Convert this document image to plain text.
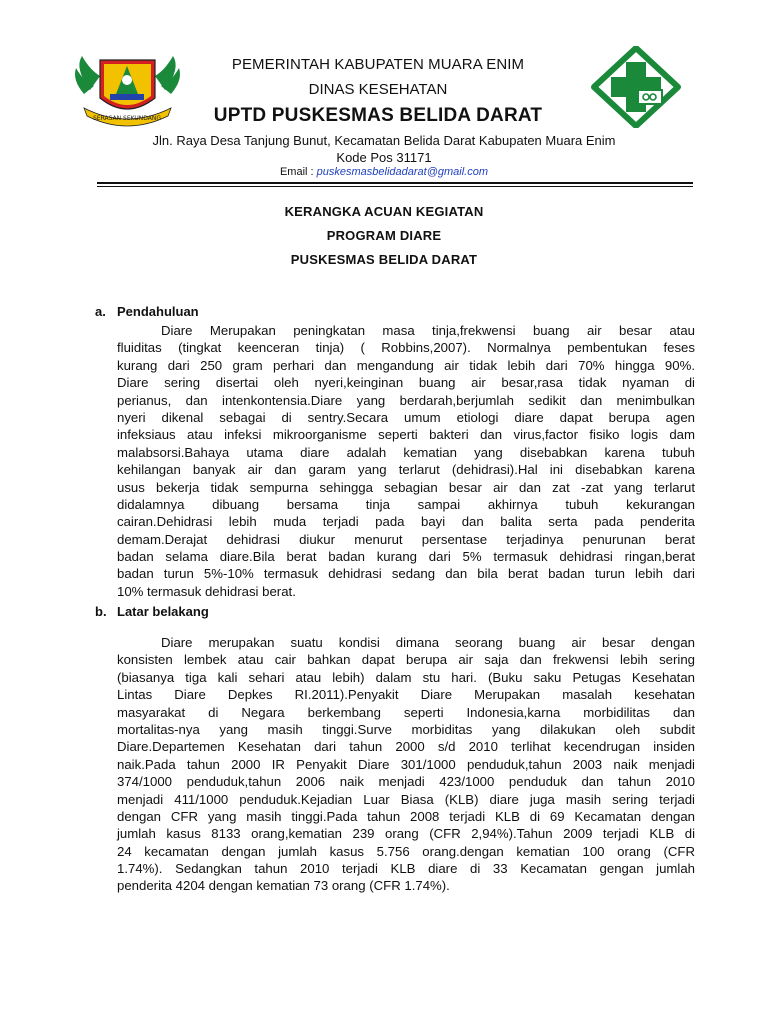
SERASAN SEKUNDANG
PEMERINTAH KABUPATEN MUARA ENIM
DINAS KESEHATAN
UPTD PUSKESMAS BELIDA DARAT
Jln. Raya Desa Tanjung Bunut, Kecamatan Belida Darat Kabupaten Muara Enim
Kode Pos 31171
Email : puskesmasbelidadarat@gmail.com
KERANGKA ACUAN KEGIATAN
PROGRAM DIARE
PUSKESMAS BELIDA DARAT
a. Pendahuluan
Diare Merupakan peningkatan masa tinja,frekwensi buang air besar atau
fluiditas (tingkat keenceran tinja) ( Robbins,2007). Normalnya pembentukan feses
kurang dari 250 gram perhari dan mengandung air tidak lebih dari 70% hingga 90%.
Diare sering disertai oleh nyeri,keinginan buang air besar,rasa tidak nyaman di
perianus, dan intenkontensia.Diare yang berdarah,berjumlah sedikit dan menimbulkan
nyeri dikenal sebagai di sentry.Secara umum etiologi diare dapat berupa agen
infeksiaus atau infeksi mikroorganisme seperti bakteri dan virus,factor fisiko logis dam
malabsorsi.Bahaya utama diare adalah kematian yang disebabkan karena tubuh
kehilangan banyak air dan garam yang terlarut (dehidrasi).Hal ini disebabkan karena
usus bekerja tidak sempurna sehingga sebagian besar air dan zat -zat yang terlarut
didalamnya dibuang bersama tinja sampai akhirnya tubuh kekurangan
cairan.Dehidrasi lebih muda terjadi pada bayi dan balita serta pada penderita
demam.Derajat dehidrasi diukur menurut persentase terjadinya penurunan berat
badan selama diare.Bila berat badan kurang dari 5% termasuk dehidrasi ringan,berat
badan turun 5%-10% termasuk dehidrasi sedang dan bila berat badan turun lebih dari
10% termasuk dehidrasi berat.
b. Latar belakang
Diare merupakan suatu kondisi dimana seorang buang air besar dengan
konsisten lembek atau cair bahkan dapat berupa air saja dan frekwensi lebih sering
(biasanya tiga kali sehari atau lebih) dalam stu hari. (Buku saku Petugas Kesehatan
Lintas Diare Depkes RI.2011).Penyakit Diare Merupakan masalah kesehatan
masyarakat di Negara berkembang seperti Indonesia,karna morbidilitas dan
mortalitas-nya yang masih tinggi.Surve morbiditas yang dilakukan oleh subdit
Diare.Departemen Kesehatan dari tahun 2000 s/d 2010 terlihat kecendrugan insiden
naik.Pada tahun 2000 IR Penyakit Diare 301/1000 penduduk,tahun 2003 naik menjadi
374/1000 penduduk,tahun 2006 naik menjadi 423/1000 penduduk dan tahun 2010
menjadi 411/1000 penduduk.Kejadian Luar Biasa (KLB) diare juga masih sering terjadi
dengan CFR yang masih tinggi.Pada tahun 2008 terjadi KLB di 69 Kecamatan dengan
jumlah kasus 8133 orang,kematian 239 orang (CFR 2,94%).Tahun 2009 terjadi KLB di
24 kecamatan dengan jumlah kasus 5.756 orang.dengan kematian 100 orang (CFR
1.74%). Sedangkan tahun 2010 terjadi KLB diare di 33 Kecamatan gengan jumlah
penderita 4204 dengan kematian 73 orang (CFR 1.74%).
